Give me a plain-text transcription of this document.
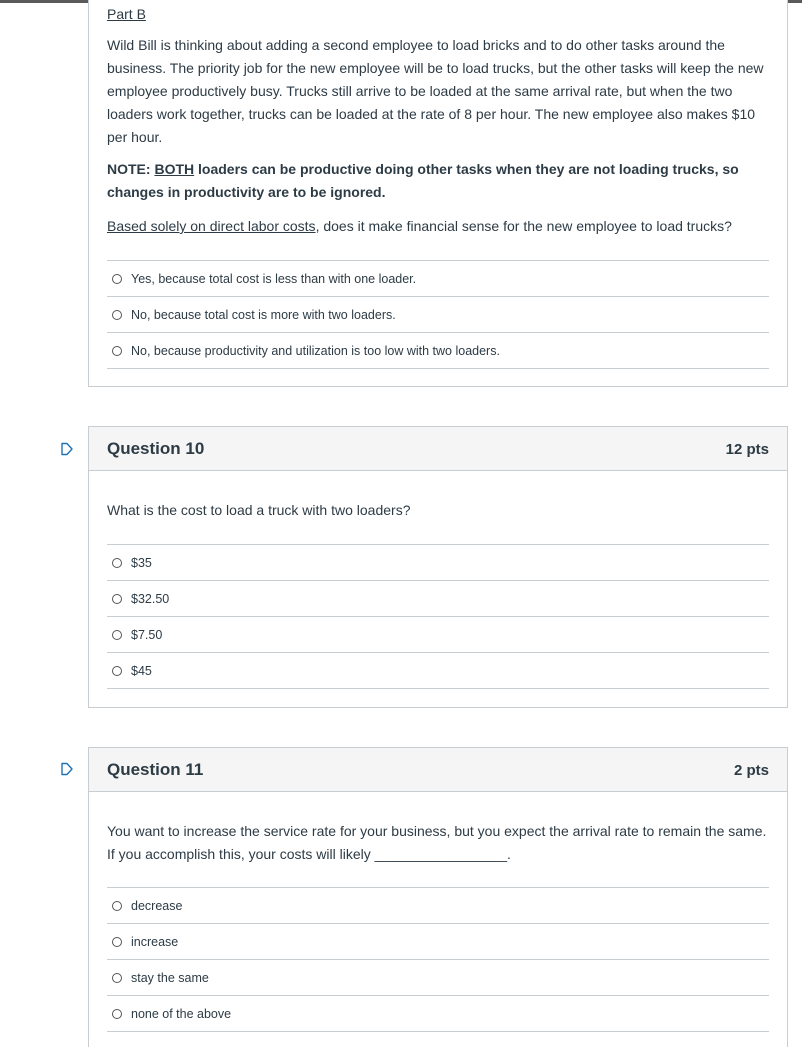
Part B

Wild Bill is thinking about adding a second employee to load bricks and to do other tasks around the business. The priority job for the new employee will be to load trucks, but the other tasks will keep the new employee productively busy. Trucks still arrive to be loaded at the same arrival rate, but when the two loaders work together, trucks can be loaded at the rate of 8 per hour. The new employee also makes $10 per hour.

NOTE: BOTH loaders can be productive doing other tasks when they are not loading trucks, so changes in productivity are to be ignored.

Based solely on direct labor costs, does it make financial sense for the new employee to load trucks?

Yes, because total cost is less than with one loader.
No, because total cost is more with two loaders.
No, because productivity and utilization is too low with two loaders.
Question 10	12 pts

What is the cost to load a truck with two loaders?

$35
$32.50
$7.50
$45
Question 11	2 pts

You want to increase the service rate for your business, but you expect the arrival rate to remain the same. If you accomplish this, your costs will likely _________________.

decrease
increase
stay the same
none of the above
